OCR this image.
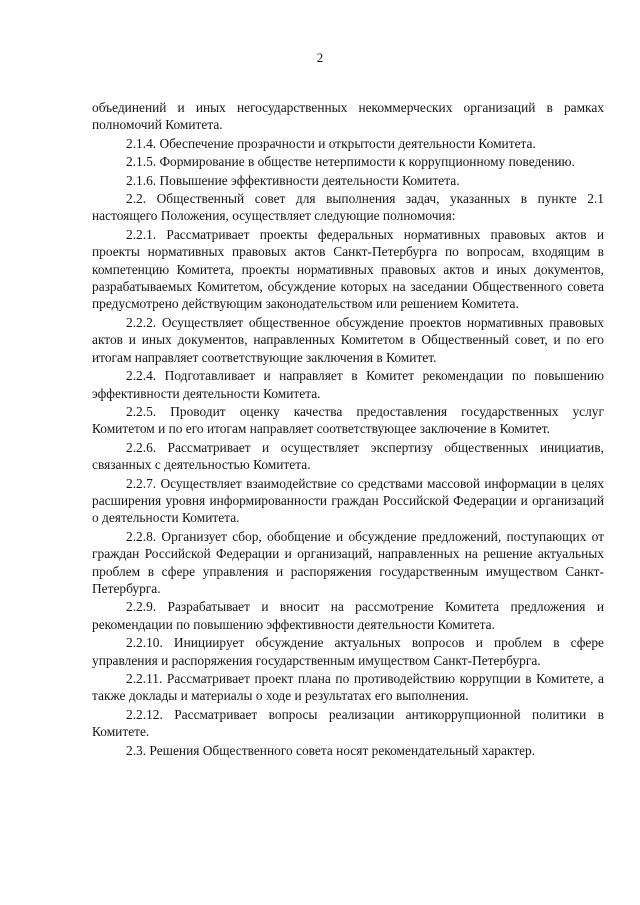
2

объединений и иных негосударственных некоммерческих организаций в рамках полномочий Комитета.

2.1.4. Обеспечение прозрачности и открытости деятельности Комитета.

2.1.5. Формирование в обществе нетерпимости к коррупционному поведению.

2.1.6. Повышение эффективности деятельности Комитета.

2.2. Общественный совет для выполнения задач, указанных в пункте 2.1 настоящего Положения, осуществляет следующие полномочия:

2.2.1. Рассматривает проекты федеральных нормативных правовых актов и проекты нормативных правовых актов Санкт-Петербурга по вопросам, входящим в компетенцию Комитета, проекты нормативных правовых актов и иных документов, разрабатываемых Комитетом, обсуждение которых на заседании Общественного совета предусмотрено действующим законодательством или решением Комитета.

2.2.2. Осуществляет общественное обсуждение проектов нормативных правовых актов и иных документов, направленных Комитетом в Общественный совет, и по его итогам направляет соответствующие заключения в Комитет.

2.2.4. Подготавливает и направляет в Комитет рекомендации по повышению эффективности деятельности Комитета.

2.2.5. Проводит оценку качества предоставления государственных услуг Комитетом и по его итогам направляет соответствующее заключение в Комитет.

2.2.6. Рассматривает и осуществляет экспертизу общественных инициатив, связанных с деятельностью Комитета.

2.2.7. Осуществляет взаимодействие со средствами массовой информации в целях расширения уровня информированности граждан Российской Федерации и организаций о деятельности Комитета.

2.2.8. Организует сбор, обобщение и обсуждение предложений, поступающих от граждан Российской Федерации и организаций, направленных на решение актуальных проблем в сфере управления и распоряжения государственным имуществом Санкт-Петербурга.

2.2.9. Разрабатывает и вносит на рассмотрение Комитета предложения и рекомендации по повышению эффективности деятельности Комитета.

2.2.10. Инициирует обсуждение актуальных вопросов и проблем в сфере управления и распоряжения государственным имуществом Санкт-Петербурга.

2.2.11. Рассматривает проект плана по противодействию коррупции в Комитете, а также доклады и материалы о ходе и результатах его выполнения.

2.2.12. Рассматривает вопросы реализации антикоррупционной политики в Комитете.

2.3. Решения Общественного совета носят рекомендательный характер.
